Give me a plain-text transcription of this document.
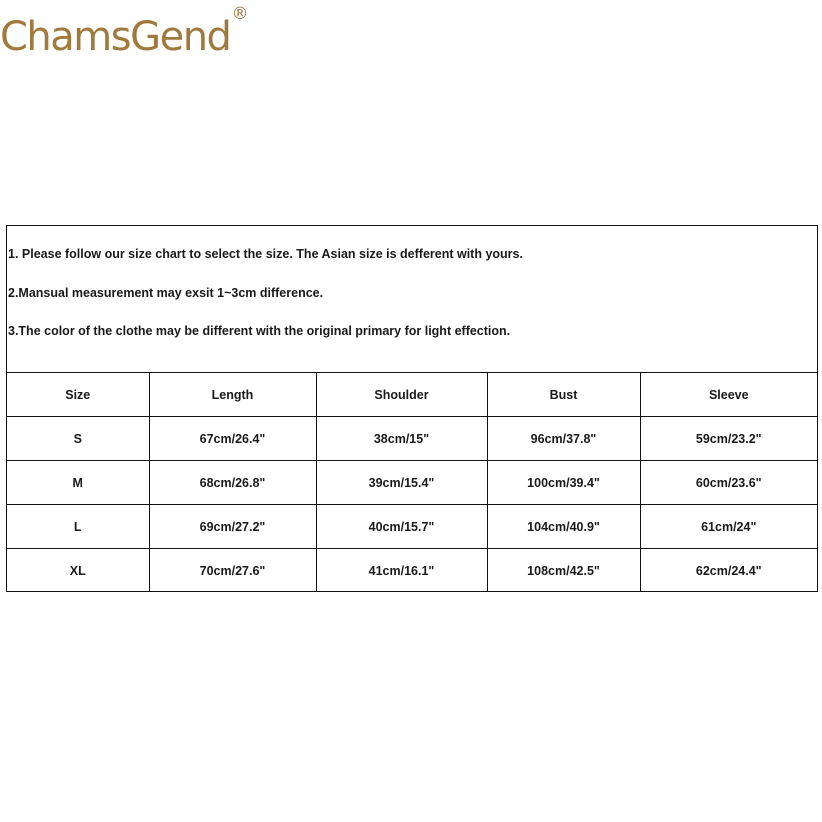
ChamsGend ®
1. Please follow our size chart to select the size. The Asian size is defferent with yours.
2.Mansual measurement may exsit 1~3cm difference.
3.The color of the clothe may be different with the original primary for light effection.
Size	Length	Shoulder	Bust	Sleeve
S	67cm/26.4"	38cm/15"	96cm/37.8"	59cm/23.2"
M	68cm/26.8"	39cm/15.4"	100cm/39.4"	60cm/23.6"
L	69cm/27.2"	40cm/15.7"	104cm/40.9"	61cm/24"
XL	70cm/27.6"	41cm/16.1"	108cm/42.5"	62cm/24.4"
